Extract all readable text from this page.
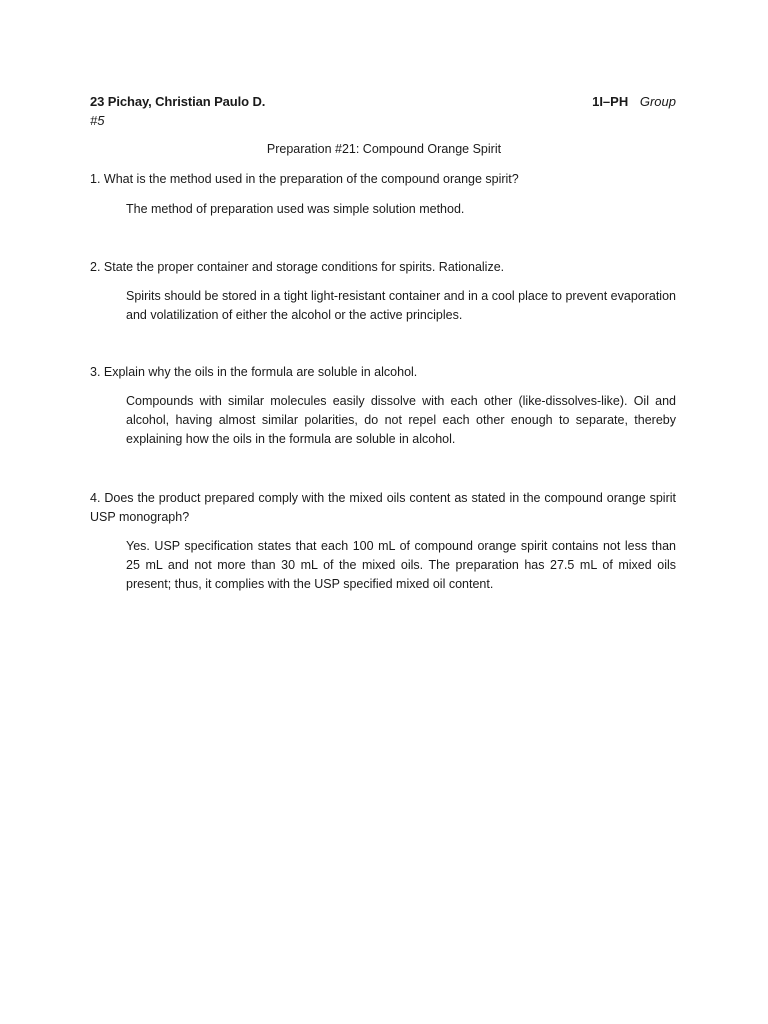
23 Pichay, Christian Paulo D.
#5
1I–PH Group
Preparation #21: Compound Orange Spirit
1. What is the method used in the preparation of the compound orange spirit?
The method of preparation used was simple solution method.
2. State the proper container and storage conditions for spirits. Rationalize.
Spirits should be stored in a tight light-resistant container and in a cool place to prevent evaporation and volatilization of either the alcohol or the active principles.
3. Explain why the oils in the formula are soluble in alcohol.
Compounds with similar molecules easily dissolve with each other (like-dissolves-like). Oil and alcohol, having almost similar polarities, do not repel each other enough to separate, thereby explaining how the oils in the formula are soluble in alcohol.
4. Does the product prepared comply with the mixed oils content as stated in the compound orange spirit USP monograph?
Yes. USP specification states that each 100 mL of compound orange spirit contains not less than 25 mL and not more than 30 mL of the mixed oils. The preparation has 27.5 mL of mixed oils present; thus, it complies with the USP specified mixed oil content.
